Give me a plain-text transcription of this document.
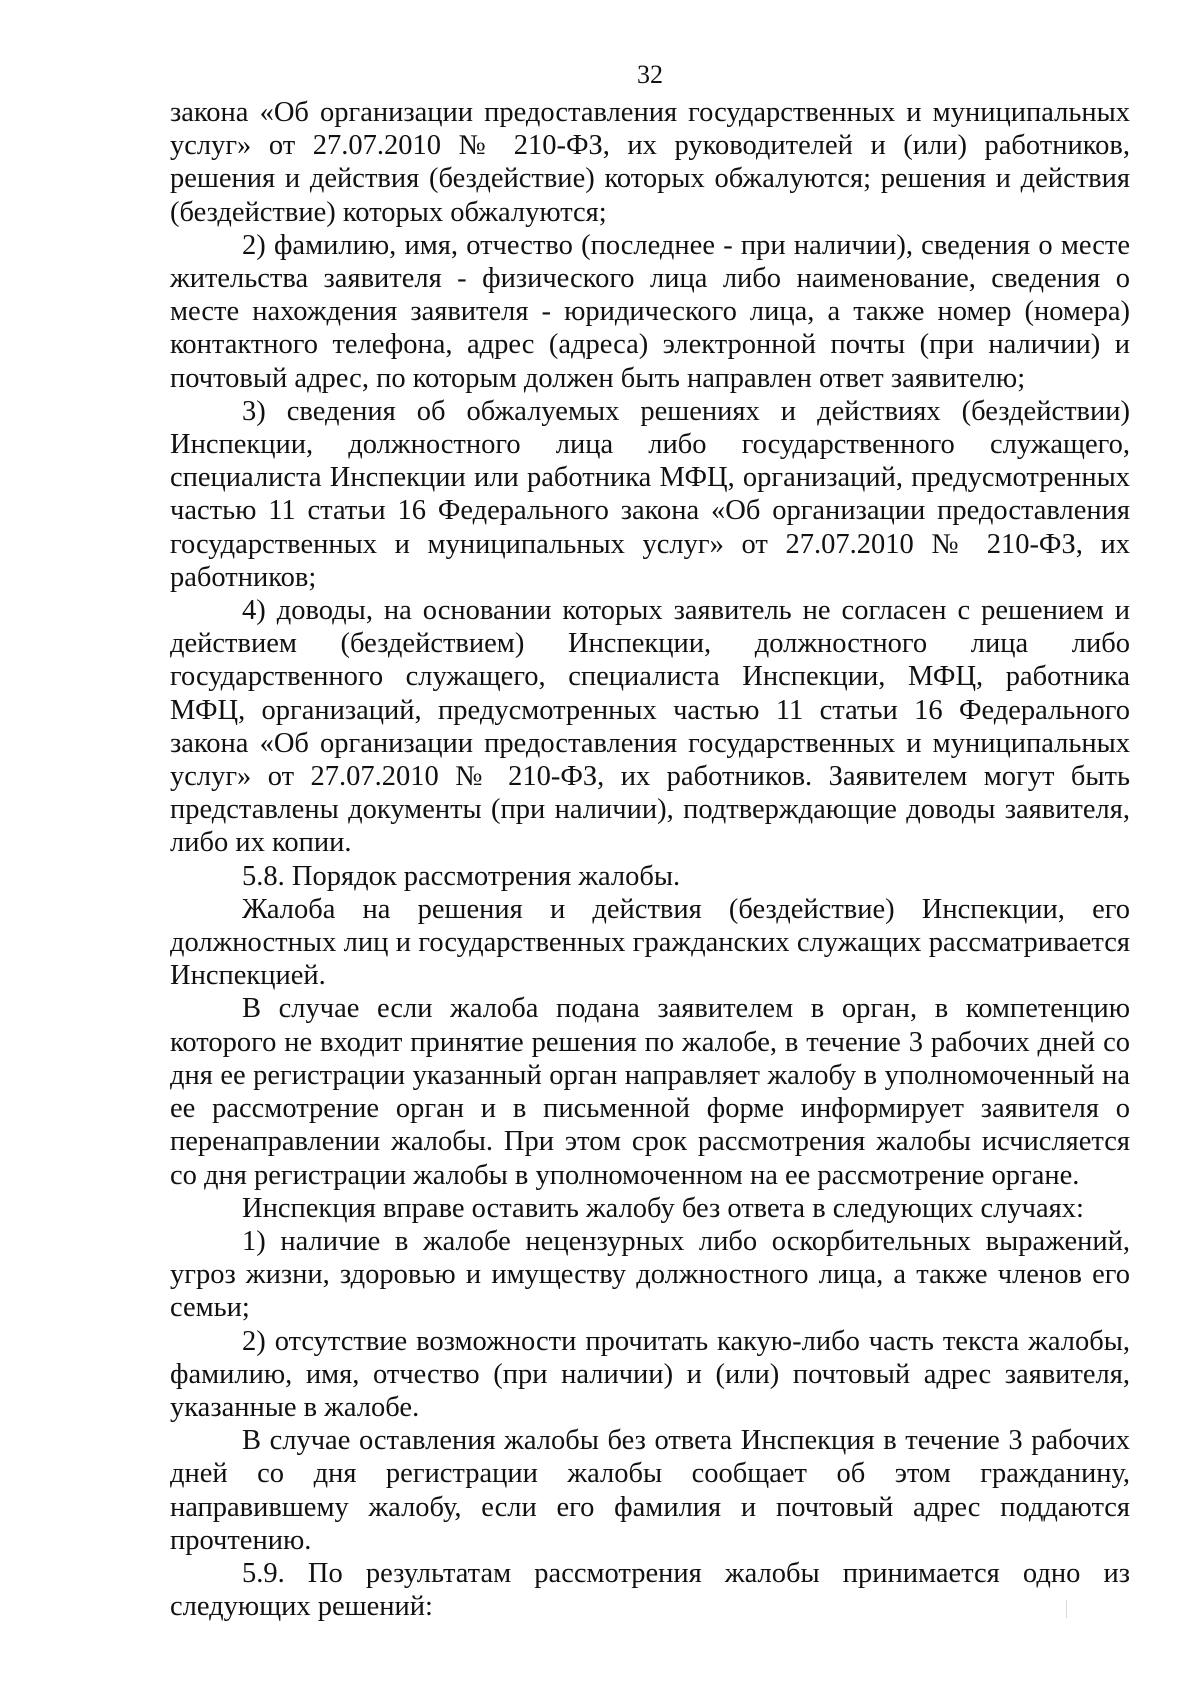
32

закона «Об организации предоставления государственных и муниципальных услуг» от 27.07.2010 № 210-ФЗ, их руководителей и (или) работников, решения и действия (бездействие) которых обжалуются; решения и действия (бездействие) которых обжалуются;

2) фамилию, имя, отчество (последнее - при наличии), сведения о месте жительства заявителя - физического лица либо наименование, сведения о месте нахождения заявителя - юридического лица, а также номер (номера) контактного телефона, адрес (адреса) электронной почты (при наличии) и почтовый адрес, по которым должен быть направлен ответ заявителю;

3) сведения об обжалуемых решениях и действиях (бездействии) Инспекции, должностного лица либо государственного служащего, специалиста Инспекции или работника МФЦ, организаций, предусмотренных частью 11 статьи 16 Федерального закона «Об организации предоставления государственных и муниципальных услуг» от 27.07.2010 № 210-ФЗ, их работников;

4) доводы, на основании которых заявитель не согласен с решением и действием (бездействием) Инспекции, должностного лица либо государственного служащего, специалиста Инспекции, МФЦ, работника МФЦ, организаций, предусмотренных частью 11 статьи 16 Федерального закона «Об организации предоставления государственных и муниципальных услуг» от 27.07.2010 № 210-ФЗ, их работников. Заявителем могут быть представлены документы (при наличии), подтверждающие доводы заявителя, либо их копии.

5.8. Порядок рассмотрения жалобы.

Жалоба на решения и действия (бездействие) Инспекции, его должностных лиц и государственных гражданских служащих рассматривается Инспекцией.

В случае если жалоба подана заявителем в орган, в компетенцию которого не входит принятие решения по жалобе, в течение 3 рабочих дней со дня ее регистрации указанный орган направляет жалобу в уполномоченный на ее рассмотрение орган и в письменной форме информирует заявителя о перенаправлении жалобы. При этом срок рассмотрения жалобы исчисляется со дня регистрации жалобы в уполномоченном на ее рассмотрение органе.

Инспекция вправе оставить жалобу без ответа в следующих случаях:

1) наличие в жалобе нецензурных либо оскорбительных выражений, угроз жизни, здоровью и имуществу должностного лица, а также членов его семьи;

2) отсутствие возможности прочитать какую-либо часть текста жалобы, фамилию, имя, отчество (при наличии) и (или) почтовый адрес заявителя, указанные в жалобе.

В случае оставления жалобы без ответа Инспекция в течение 3 рабочих дней со дня регистрации жалобы сообщает об этом гражданину, направившему жалобу, если его фамилия и почтовый адрес поддаются прочтению.

5.9. По результатам рассмотрения жалобы принимается одно из следующих решений:
